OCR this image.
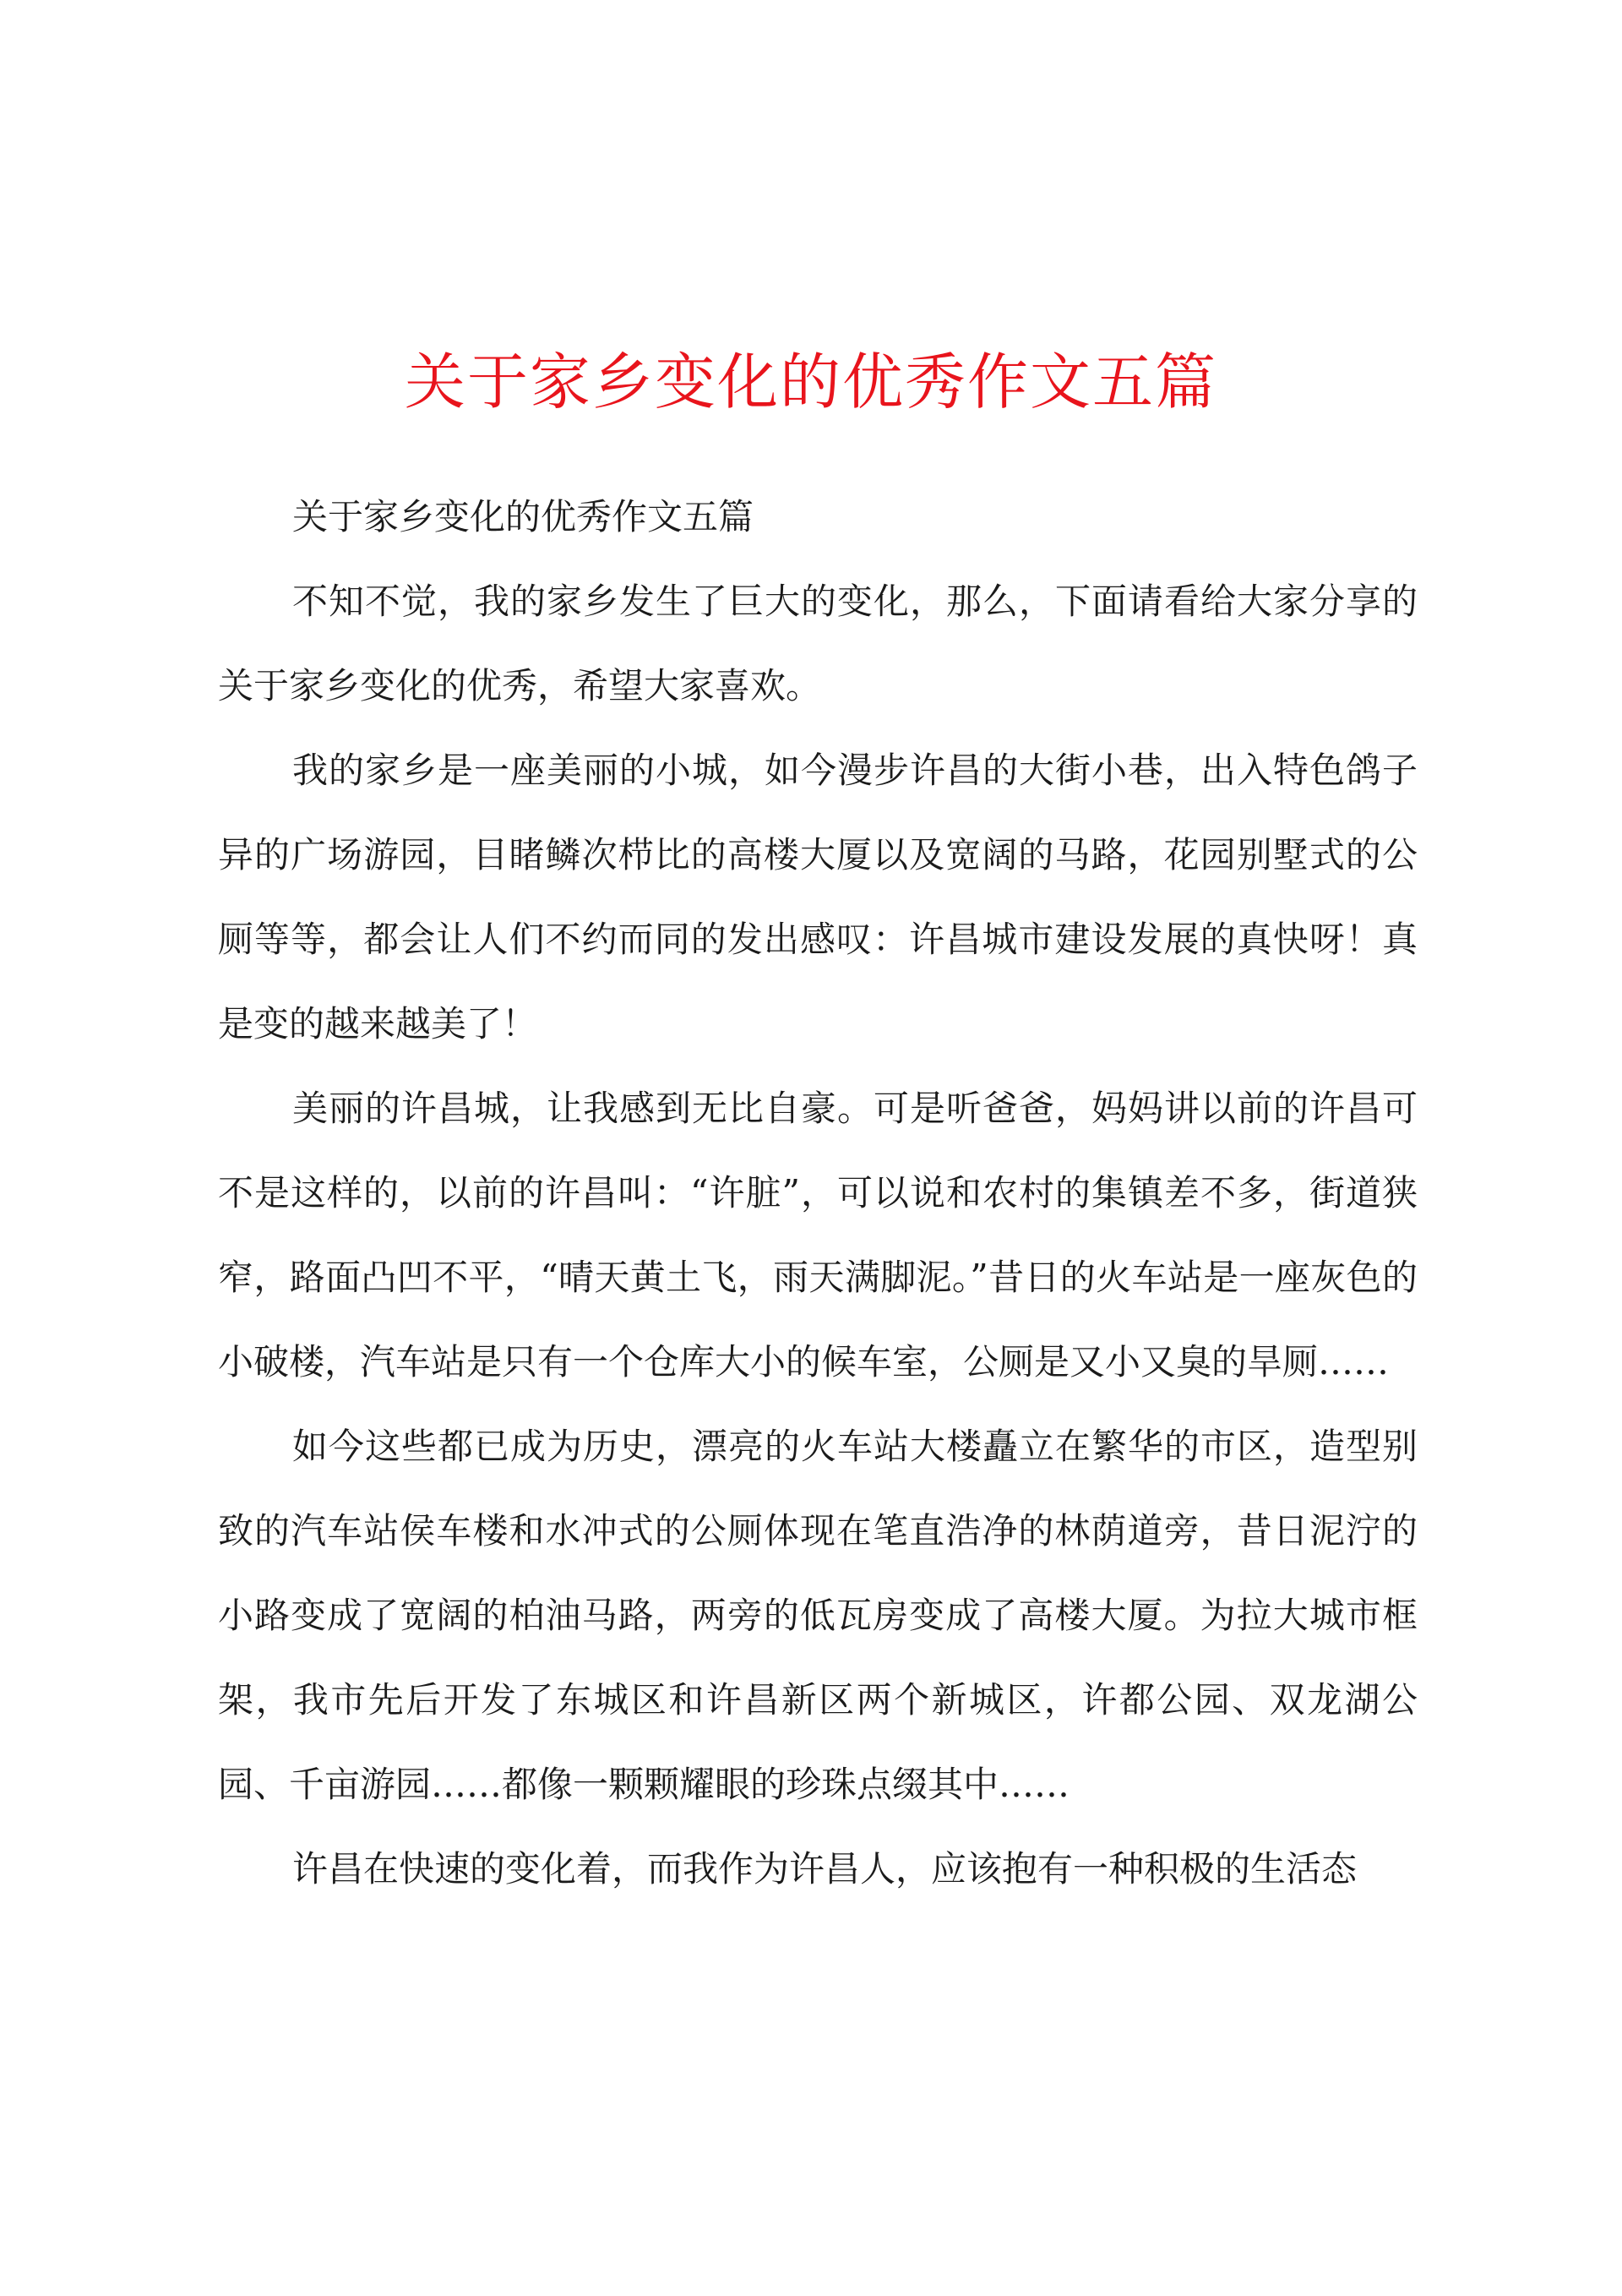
关于家乡变化的优秀作文五篇

关于家乡变化的优秀作文五篇

不知不觉，我的家乡发生了巨大的变化，那么，下面请看给大家分享的关于家乡变化的优秀，希望大家喜欢。

我的家乡是一座美丽的小城，如今漫步许昌的大街小巷，出入特色鸽子异的广场游园，目睹鳞次栉比的高楼大厦以及宽阔的马路，花园别墅式的公厕等等，都会让人们不约而同的发出感叹：许昌城市建设发展的真快呀！真是变的越来越美了！

美丽的许昌城，让我感到无比自豪。可是听爸爸，妈妈讲以前的许昌可不是这样的，以前的许昌叫：“许脏”，可以说和农村的集镇差不多，街道狭窄，路面凸凹不平，“晴天黄土飞，雨天满脚泥。”昔日的火车站是一座灰色的小破楼，汽车站是只有一个仓库大小的候车室，公厕是又小又臭的旱厕……

如今这些都已成为历史，漂亮的火车站大楼矗立在繁华的市区，造型别致的汽车站侯车楼和水冲式的公厕体现在笔直浩净的林荫道旁，昔日泥泞的小路变成了宽阔的柏油马路，两旁的低瓦房变成了高楼大厦。为拉大城市框架，我市先后开发了东城区和许昌新区两个新城区，许都公园、双龙湖公园、千亩游园……都像一颗颗耀眼的珍珠点缀其中……

许昌在快速的变化着，而我作为许昌人，应该抱有一种积极的生活态
